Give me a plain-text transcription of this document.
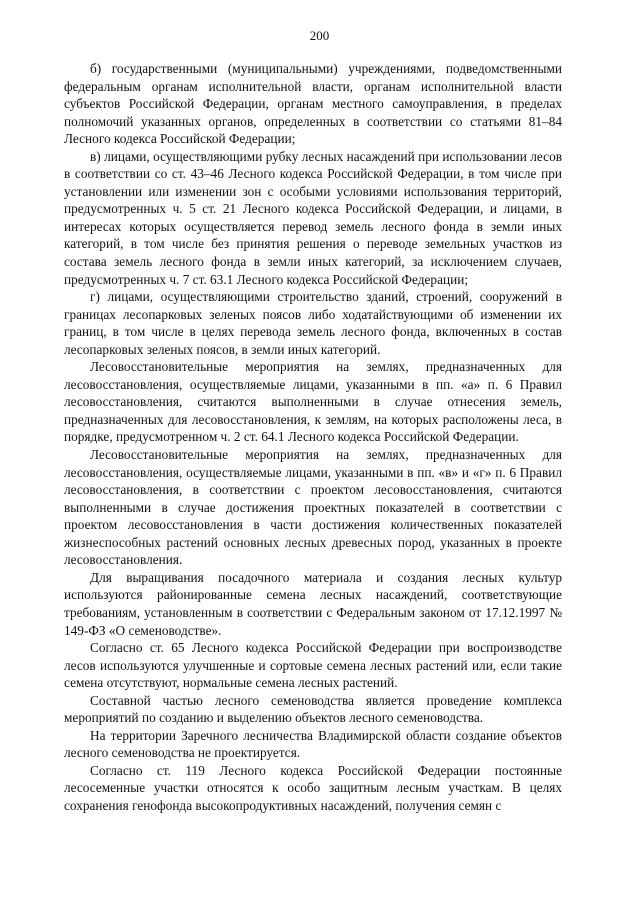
200

б) государственными (муниципальными) учреждениями, подведомственными федеральным органам исполнительной власти, органам исполнительной власти субъектов Российской Федерации, органам местного самоуправления, в пределах полномочий указанных органов, определенных в соответствии со статьями 81–84 Лесного кодекса Российской Федерации;

в) лицами, осуществляющими рубку лесных насаждений при использовании лесов в соответствии со ст. 43–46 Лесного кодекса Российской Федерации, в том числе при установлении или изменении зон с особыми условиями использования территорий, предусмотренных ч. 5 ст. 21 Лесного кодекса Российской Федерации, и лицами, в интересах которых осуществляется перевод земель лесного фонда в земли иных категорий, в том числе без принятия решения о переводе земельных участков из состава земель лесного фонда в земли иных категорий, за исключением случаев, предусмотренных ч. 7 ст. 63.1 Лесного кодекса Российской Федерации;

г) лицами, осуществляющими строительство зданий, строений, сооружений в границах лесопарковых зеленых поясов либо ходатайствующими об изменении их границ, в том числе в целях перевода земель лесного фонда, включенных в состав лесопарковых зеленых поясов, в земли иных категорий.

Лесовосстановительные мероприятия на землях, предназначенных для лесовосстановления, осуществляемые лицами, указанными в пп. «а» п. 6 Правил лесовосстановления, считаются выполненными в случае отнесения земель, предназначенных для лесовосстановления, к землям, на которых расположены леса, в порядке, предусмотренном ч. 2 ст. 64.1 Лесного кодекса Российской Федерации.

Лесовосстановительные мероприятия на землях, предназначенных для лесовосстановления, осуществляемые лицами, указанными в пп. «в» и «г» п. 6 Правил лесовосстановления, в соответствии с проектом лесовосстановления, считаются выполненными в случае достижения проектных показателей в соответствии с проектом лесовосстановления в части достижения количественных показателей жизнеспособных растений основных лесных древесных пород, указанных в проекте лесовосстановления.

Для выращивания посадочного материала и создания лесных культур используются районированные семена лесных насаждений, соответствующие требованиям, установленным в соответствии с Федеральным законом от 17.12.1997 № 149-ФЗ «О семеноводстве».

Согласно ст. 65 Лесного кодекса Российской Федерации при воспроизводстве лесов используются улучшенные и сортовые семена лесных растений или, если такие семена отсутствуют, нормальные семена лесных растений.

Составной частью лесного семеноводства является проведение комплекса мероприятий по созданию и выделению объектов лесного семеноводства.

На территории Заречного лесничества Владимирской области создание объектов лесного семеноводства не проектируется.

Согласно ст. 119 Лесного кодекса Российской Федерации постоянные лесосеменные участки относятся к особо защитным лесным участкам. В целях сохранения генофонда высокопродуктивных насаждений, получения семян с
